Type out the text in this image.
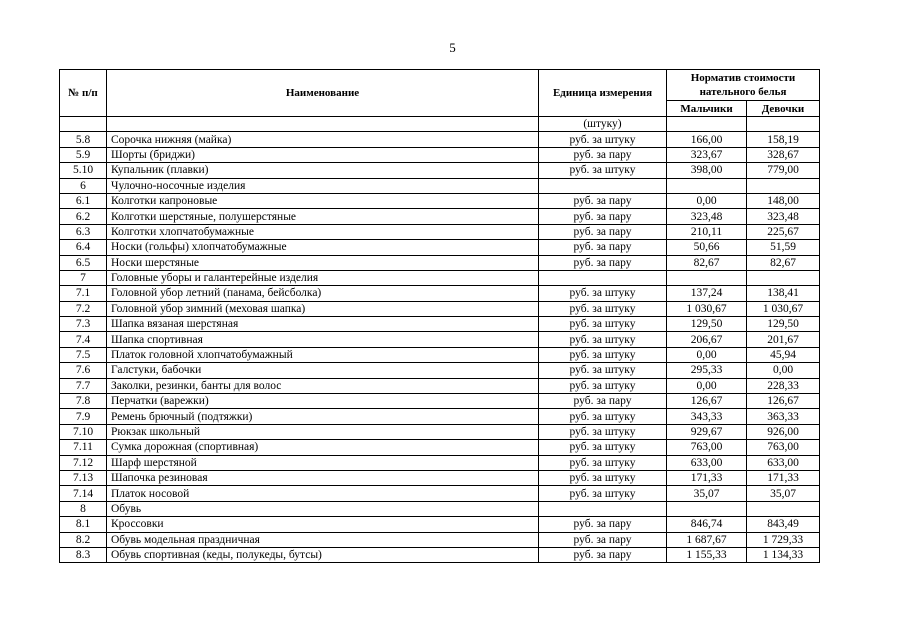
5
№ п/п	Наименование	Единица измерения	Норматив стоимости
нательного белья	
			Мальчики	Девочки
		(штуку)		
5.8	Сорочка нижняя (майка)	руб. за штуку	166,00	158,19
5.9	Шорты (бриджи)	руб. за пару	323,67	328,67
5.10	Купальник (плавки)	руб. за штуку	398,00	779,00
6	Чулочно-носочные изделия			
6.1	Колготки капроновые	руб. за пару	0,00	148,00
6.2	Колготки шерстяные, полушерстяные	руб. за пару	323,48	323,48
6.3	Колготки хлопчатобумажные	руб. за пару	210,11	225,67
6.4	Носки (гольфы) хлопчатобумажные	руб. за пару	50,66	51,59
6.5	Носки шерстяные	руб. за пару	82,67	82,67
7	Головные уборы и галантерейные изделия			
7.1	Головной убор летний (панама, бейсболка)	руб. за штуку	137,24	138,41
7.2	Головной убор зимний (меховая шапка)	руб. за штуку	1 030,67	1 030,67
7.3	Шапка вязаная шерстяная	руб. за штуку	129,50	129,50
7.4	Шапка спортивная	руб. за штуку	206,67	201,67
7.5	Платок головной хлопчатобумажный	руб. за штуку	0,00	45,94
7.6	Галстуки, бабочки	руб. за штуку	295,33	0,00
7.7	Заколки, резинки, банты для волос	руб. за штуку	0,00	228,33
7.8	Перчатки (варежки)	руб. за пару	126,67	126,67
7.9	Ремень брючный (подтяжки)	руб. за штуку	343,33	363,33
7.10	Рюкзак школьный	руб. за штуку	929,67	926,00
7.11	Сумка дорожная (спортивная)	руб. за штуку	763,00	763,00
7.12	Шарф шерстяной	руб. за штуку	633,00	633,00
7.13	Шапочка резиновая	руб. за штуку	171,33	171,33
7.14	Платок носовой	руб. за штуку	35,07	35,07
8	Обувь			
8.1	Кроссовки	руб. за пару	846,74	843,49
8.2	Обувь модельная праздничная	руб. за пару	1 687,67	1 729,33
8.3	Обувь спортивная (кеды, полукеды, бутсы)	руб. за пару	1 155,33	1 134,33
